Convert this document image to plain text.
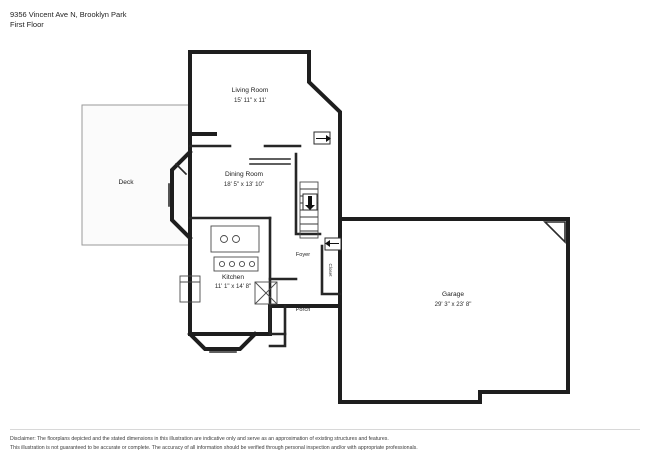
9356 Vincent Ave N, Brooklyn Park
First Floor
Living Room
15' 11" x 11'
Dining Room
18' 5" x 13' 10"
Kitchen
11' 1" x 14' 8"
Garage
29' 3" x 23' 8"
Deck
Foyer
Porch
Closet
Disclaimer: The floorplans depicted and the stated dimensions in this illustration are indicative only and serve as an approximation of existing structures and features.
This illustration is not guaranteed to be accurate or complete. The accuracy of all information should be verified through personal inspection and/or with appropriate professionals.
